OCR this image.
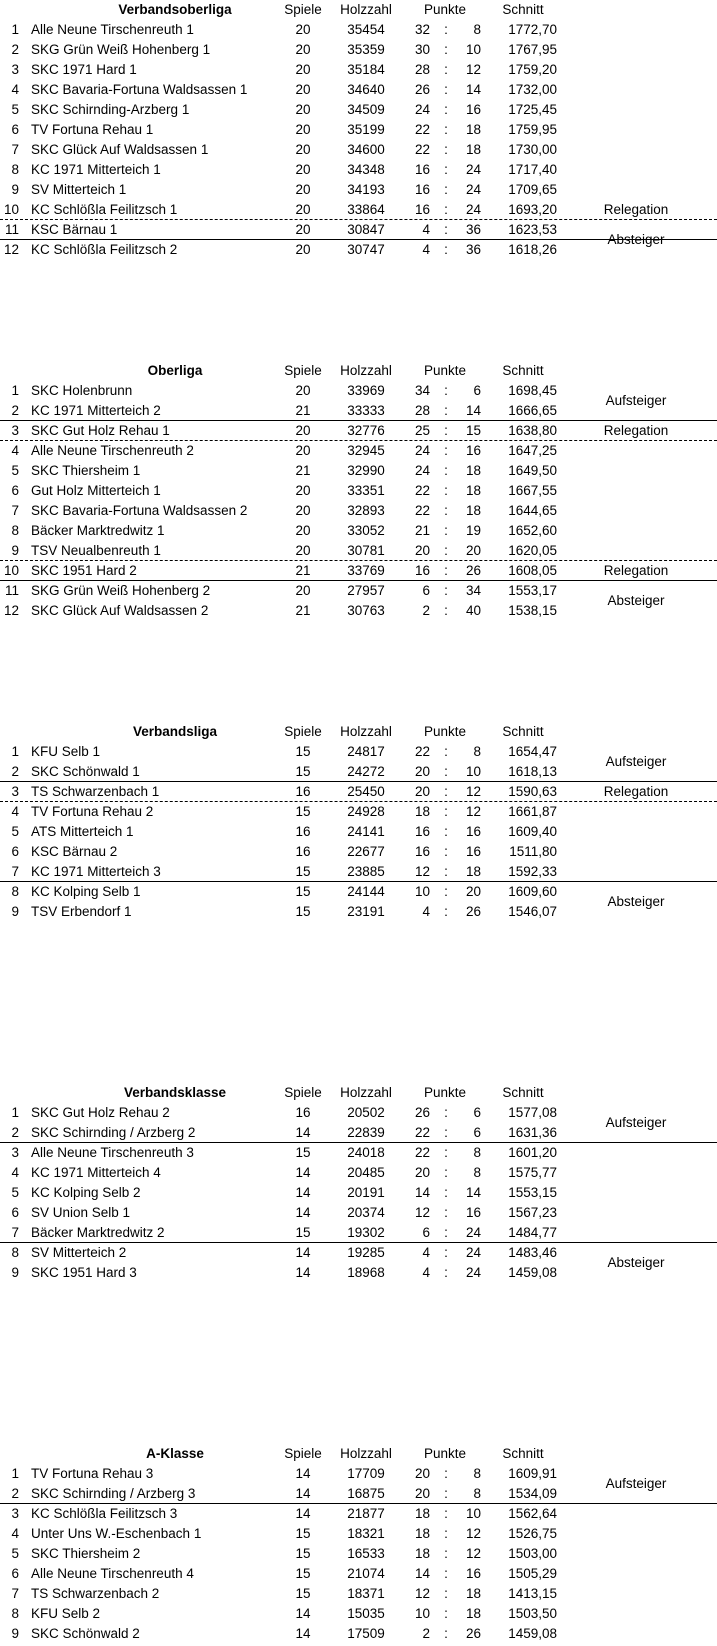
Verbandsoberliga	Spiele	Holzzahl	Punkte	Schnitt
1 Alle Neune Tirschenreuth 1	20	35454	32 :	8	1772,70
2 SKG Grün Weiß Hohenberg 1	20	35359	30 :	10	1767,95
3 SKC 1971 Hard 1	20	35184	28 :	12	1759,20
4 SKC Bavaria-Fortuna Waldsassen 1	20	34640	26 :	14	1732,00
5 SKC Schirnding-Arzberg 1	20	34509	24 :	16	1725,45
6 TV Fortuna Rehau 1	20	35199	22 :	18	1759,95
7 SKC Glück Auf Waldsassen 1	20	34600	22 :	18	1730,00
8 KC 1971 Mitterteich 1	20	34348	16 :	24	1717,40
9 SV Mitterteich 1	20	34193	16 :	24	1709,65
10 KC Schlößla Feilitzsch 1	20	33864	16 :	24	1693,20
11 KSC Bärnau 1	20	30847	4 :	36	1623,53
12 KC Schlößla Feilitzsch 2	20	30747	4 :	36	1618,26
Relegation
Absteiger
Oberliga	Spiele	Holzzahl	Punkte	Schnitt
1 SKC Holenbrunn	20	33969	34 :	6	1698,45
2 KC 1971 Mitterteich 2	21	33333	28 :	14	1666,65
3 SKC Gut Holz Rehau 1	20	32776	25 :	15	1638,80
4 Alle Neune Tirschenreuth 2	20	32945	24 :	16	1647,25
5 SKC Thiersheim 1	21	32990	24 :	18	1649,50
6 Gut Holz Mitterteich 1	20	33351	22 :	18	1667,55
7 SKC Bavaria-Fortuna Waldsassen 2	20	32893	22 :	18	1644,65
8 Bäcker Marktredwitz 1	20	33052	21 :	19	1652,60
9 TSV Neualbenreuth 1	20	30781	20 :	20	1620,05
10 SKC 1951 Hard 2	21	33769	16 :	26	1608,05
11 SKG Grün Weiß Hohenberg 2	20	27957	6 :	34	1553,17
12 SKC Glück Auf Waldsassen 2	21	30763	2 :	40	1538,15
Aufsteiger
Relegation
Relegation
Absteiger
Verbandsliga	Spiele	Holzzahl	Punkte	Schnitt
1 KFU Selb 1	15	24817	22 :	8	1654,47
2 SKC Schönwald 1	15	24272	20 :	10	1618,13
3 TS Schwarzenbach 1	16	25450	20 :	12	1590,63
4 TV Fortuna Rehau 2	15	24928	18 :	12	1661,87
5 ATS Mitterteich 1	16	24141	16 :	16	1609,40
6 KSC Bärnau 2	16	22677	16 :	16	1511,80
7 KC 1971 Mitterteich 3	15	23885	12 :	18	1592,33
8 KC Kolping Selb 1	15	24144	10 :	20	1609,60
9 TSV Erbendorf 1	15	23191	4 :	26	1546,07
Aufsteiger
Relegation
Absteiger
Verbandsklasse	Spiele	Holzzahl	Punkte	Schnitt
1 SKC Gut Holz Rehau 2	16	20502	26 :	6	1577,08
2 SKC Schirnding / Arzberg 2	14	22839	22 :	6	1631,36
3 Alle Neune Tirschenreuth 3	15	24018	22 :	8	1601,20
4 KC 1971 Mitterteich 4	14	20485	20 :	8	1575,77
5 KC Kolping Selb 2	14	20191	14 :	14	1553,15
6 SV Union Selb 1	14	20374	12 :	16	1567,23
7 Bäcker Marktredwitz 2	15	19302	6 :	24	1484,77
8 SV Mitterteich 2	14	19285	4 :	24	1483,46
9 SKC 1951 Hard 3	14	18968	4 :	24	1459,08
Aufsteiger
Absteiger
A-Klasse	Spiele	Holzzahl	Punkte	Schnitt
1 TV Fortuna Rehau 3	14	17709	20 :	8	1609,91
2 SKC Schirnding / Arzberg 3	14	16875	20 :	8	1534,09
3 KC Schlößla Feilitzsch 3	14	21877	18 :	10	1562,64
4 Unter Uns W.-Eschenbach 1	15	18321	18 :	12	1526,75
5 SKC Thiersheim 2	15	16533	18 :	12	1503,00
6 Alle Neune Tirschenreuth 4	15	21074	14 :	16	1505,29
7 TS Schwarzenbach 2	15	18371	12 :	18	1413,15
8 KFU Selb 2	14	15035	10 :	18	1503,50
9 SKC Schönwald 2	14	17509	2 :	26	1459,08
Aufsteiger
